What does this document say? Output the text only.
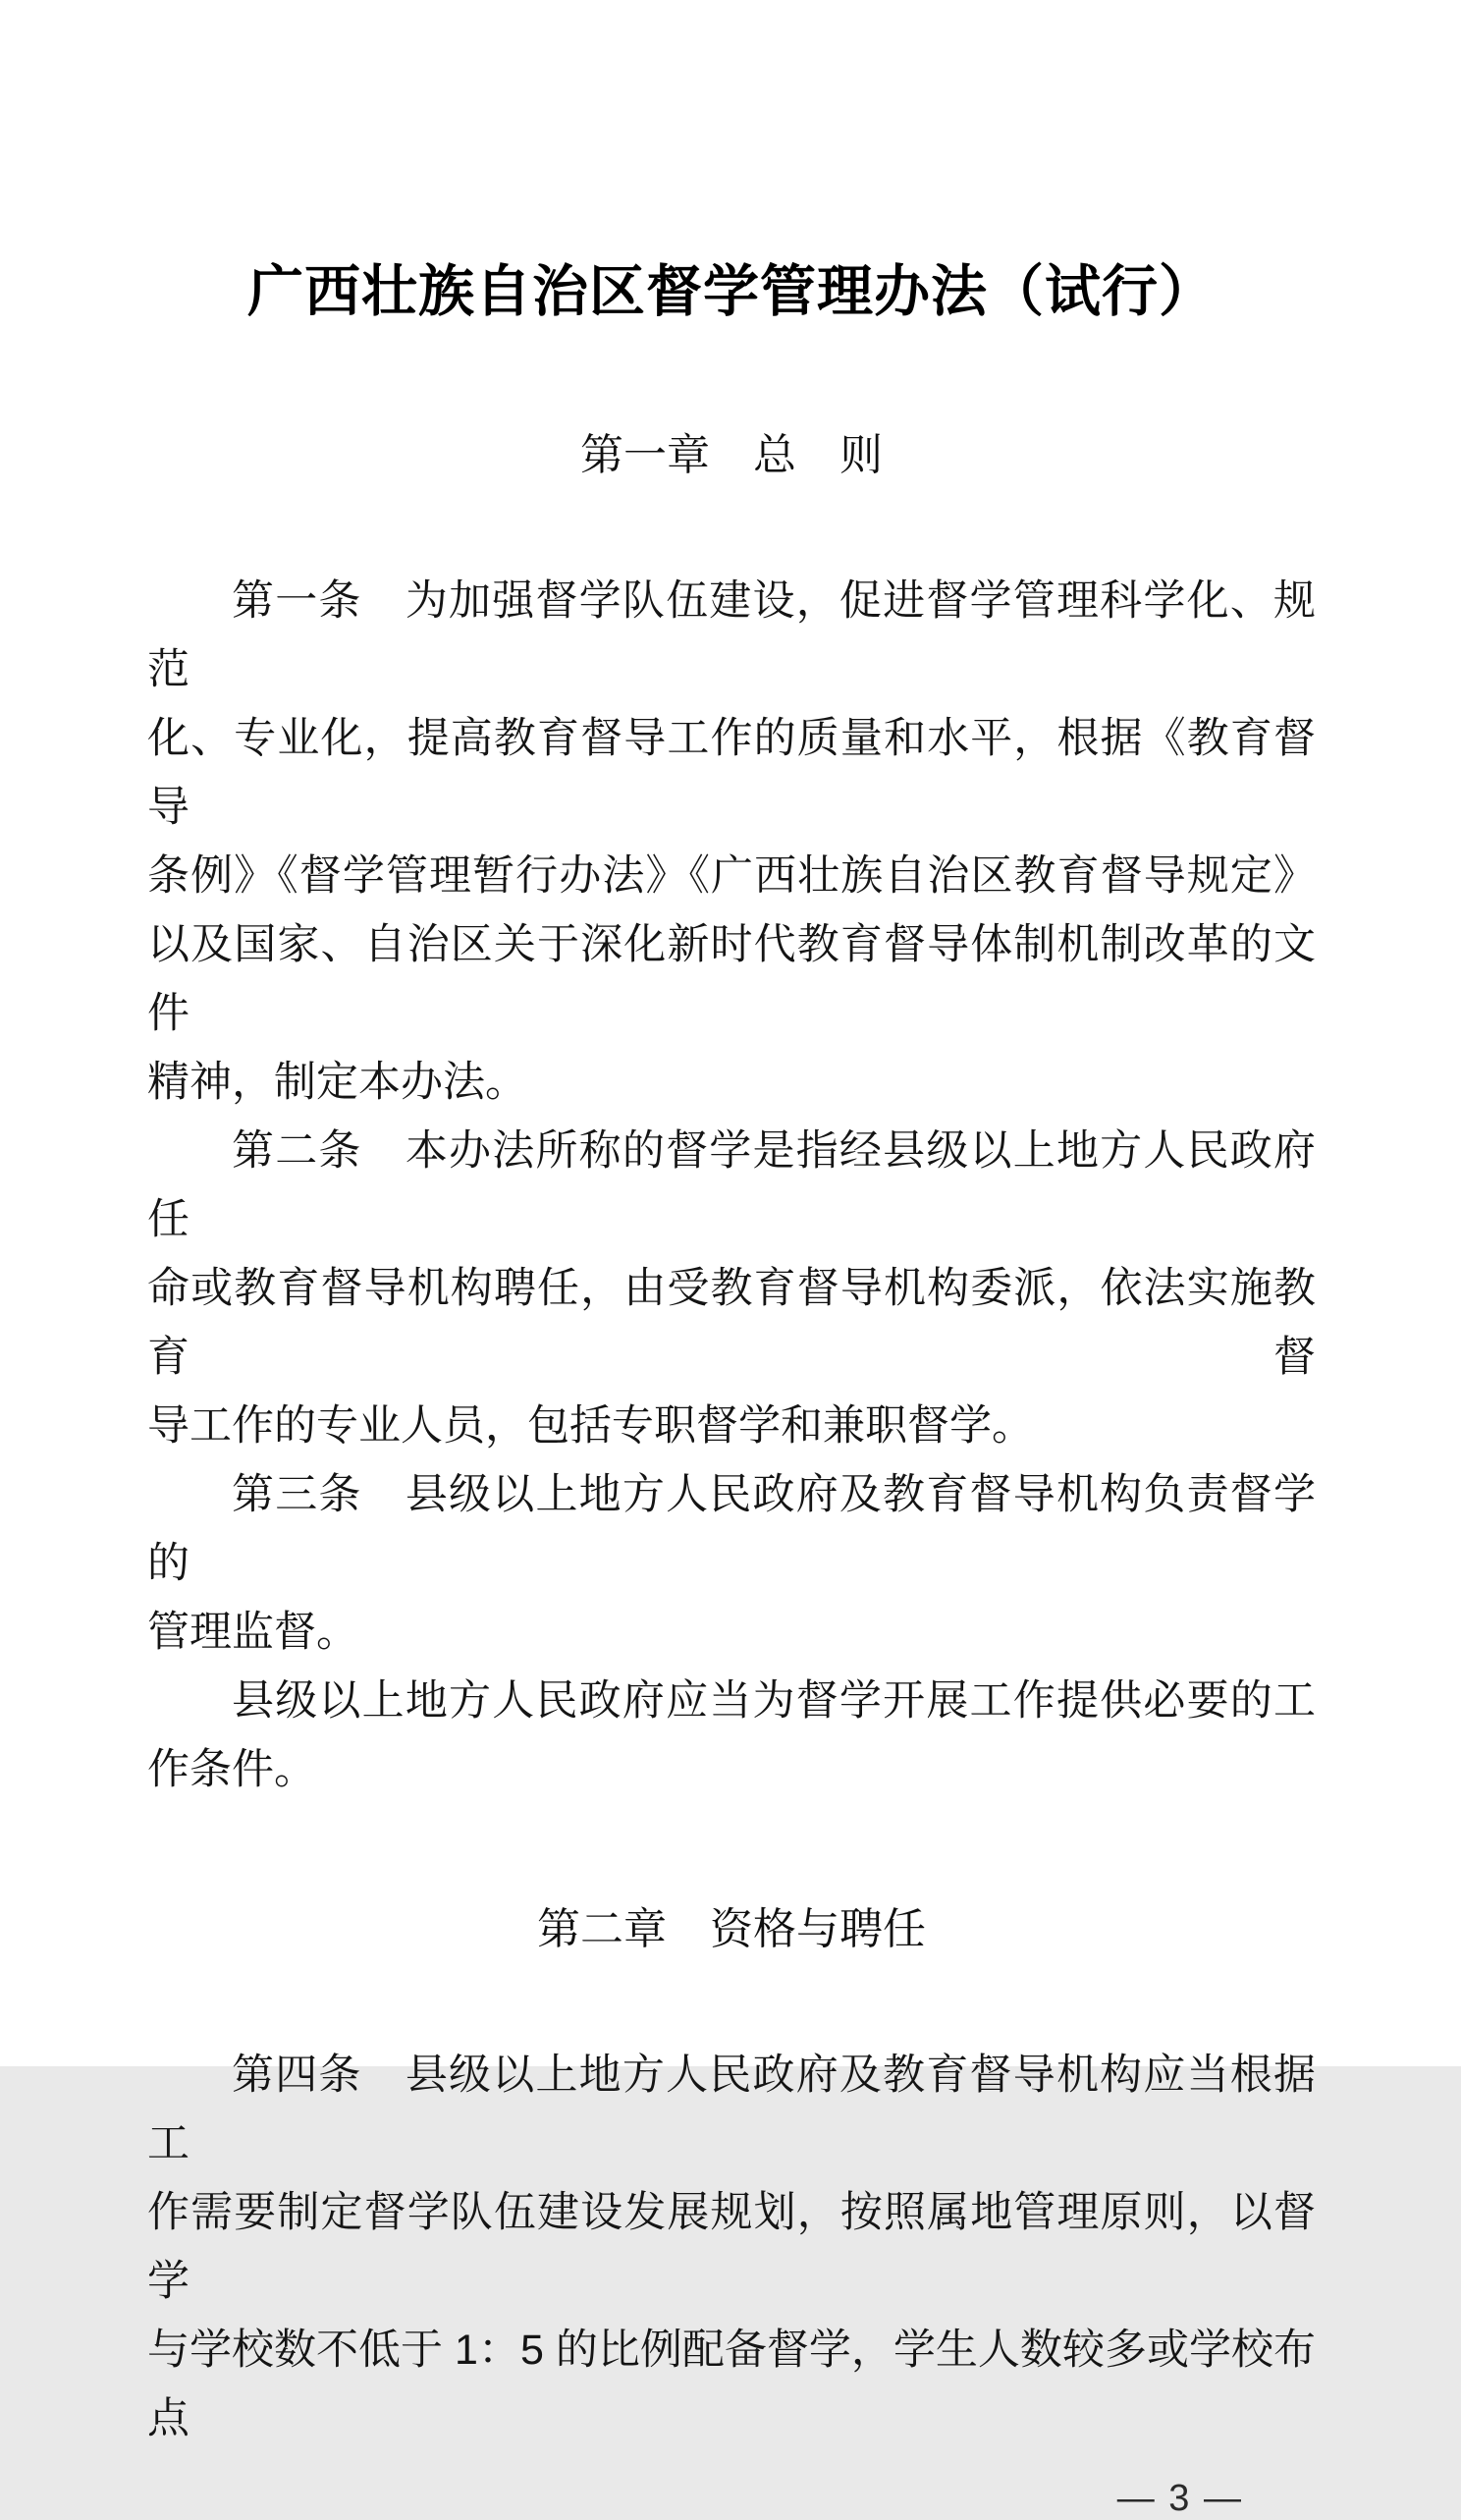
广西壮族自治区督学管理办法（试行）
第一章　总　则
第一条　为加强督学队伍建设，促进督学管理科学化、规范
化、专业化，提高教育督导工作的质量和水平，根据《教育督导
条例》《督学管理暂行办法》《广西壮族自治区教育督导规定》
以及国家、自治区关于深化新时代教育督导体制机制改革的文件
精神，制定本办法。
第二条　本办法所称的督学是指经县级以上地方人民政府任
命或教育督导机构聘任，由受教育督导机构委派，依法实施教育督
导工作的专业人员，包括专职督学和兼职督学。
第三条　县级以上地方人民政府及教育督导机构负责督学的
管理监督。
县级以上地方人民政府应当为督学开展工作提供必要的工
作条件。
第二章　资格与聘任
第四条　县级以上地方人民政府及教育督导机构应当根据工
作需要制定督学队伍建设发展规划，按照属地管理原则，以督学
与学校数不低于 1：5 的比例配备督学，学生人数较多或学校布点
— 3 —
